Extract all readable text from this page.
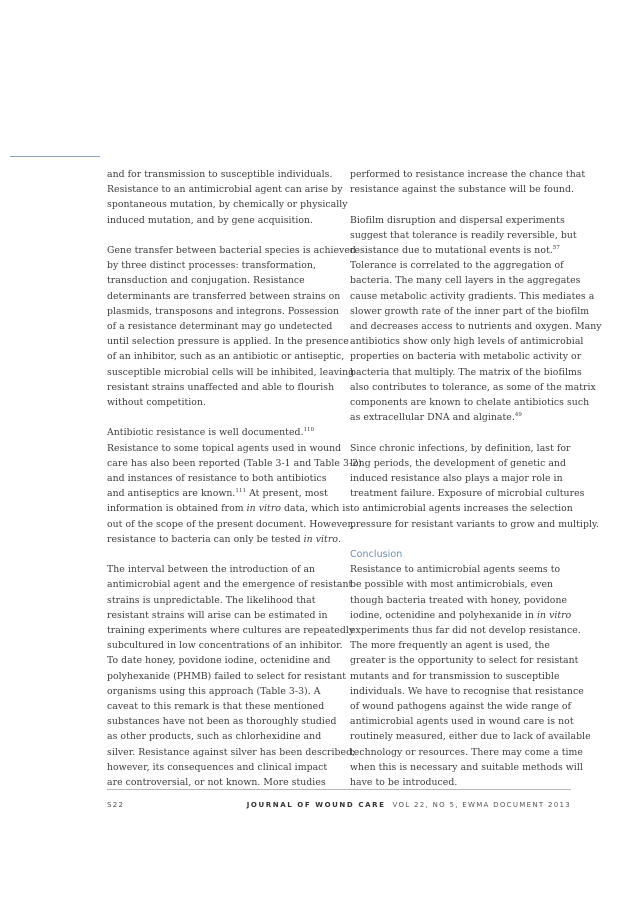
and for transmission to susceptible individuals.
Resistance to an antimicrobial agent can arise by
spontaneous mutation, by chemically or physically
induced mutation, and by gene acquisition.

Gene transfer between bacterial species is achieved
by three distinct processes: transformation,
transduction and conjugation. Resistance
determinants are transferred between strains on
plasmids, transposons and integrons. Possession
of a resistance determinant may go undetected
until selection pressure is applied. In the presence
of an inhibitor, such as an antibiotic or antiseptic,
susceptible microbial cells will be inhibited, leaving
resistant strains unaffected and able to flourish
without competition.

Antibiotic resistance is well documented.$^{110}$
Resistance to some topical agents used in wound
care has also been reported (Table 3-1 and Table 3-2)
and instances of resistance to both antibiotics
and antiseptics are known.$^{111}$ At present, most
information is obtained from in vitro data, which is
out of the scope of the present document. However,
resistance to bacteria can only be tested in vitro.

The interval between the introduction of an
antimicrobial agent and the emergence of resistant
strains is unpredictable. The likelihood that
resistant strains will arise can be estimated in
training experiments where cultures are repeatedly
subcultured in low concentrations of an inhibitor.
To date honey, povidone iodine, octenidine and
polyhexanide (PHMB) failed to select for resistant
organisms using this approach (Table 3-3). A
caveat to this remark is that these mentioned
substances have not been as thoroughly studied
as other products, such as chlorhexidine and
silver. Resistance against silver has been described;
however, its consequences and clinical impact
are controversial, or not known. More studies

performed to resistance increase the chance that
resistance against the substance will be found.

Biofilm disruption and dispersal experiments
suggest that tolerance is readily reversible, but
resistance due to mutational events is not.$^{57}$
Tolerance is correlated to the aggregation of
bacteria. The many cell layers in the aggregates
cause metabolic activity gradients. This mediates a
slower growth rate of the inner part of the biofilm
and decreases access to nutrients and oxygen. Many
antibiotics show only high levels of antimicrobial
properties on bacteria with metabolic activity or
bacteria that multiply. The matrix of the biofilms
also contributes to tolerance, as some of the matrix
components are known to chelate antibiotics such
as extracellular DNA and alginate.$^{49}$

Since chronic infections, by definition, last for
long periods, the development of genetic and
induced resistance also plays a major role in
treatment failure. Exposure of microbial cultures
to antimicrobial agents increases the selection
pressure for resistant variants to grow and multiply.

Conclusion
Resistance to antimicrobial agents seems to
be possible with most antimicrobials, even
though bacteria treated with honey, povidone
iodine, octenidine and polyhexanide in in vitro
experiments thus far did not develop resistance.
The more frequently an agent is used, the
greater is the opportunity to select for resistant
mutants and for transmission to susceptible
individuals. We have to recognise that resistance
of wound pathogens against the wide range of
antimicrobial agents used in wound care is not
routinely measured, either due to lack of available
technology or resources. There may come a time
when this is necessary and suitable methods will
have to be introduced.

S22	JOURNAL OF WOUND CARE VOL 22, NO 5, EWMA DOCUMENT 2013
